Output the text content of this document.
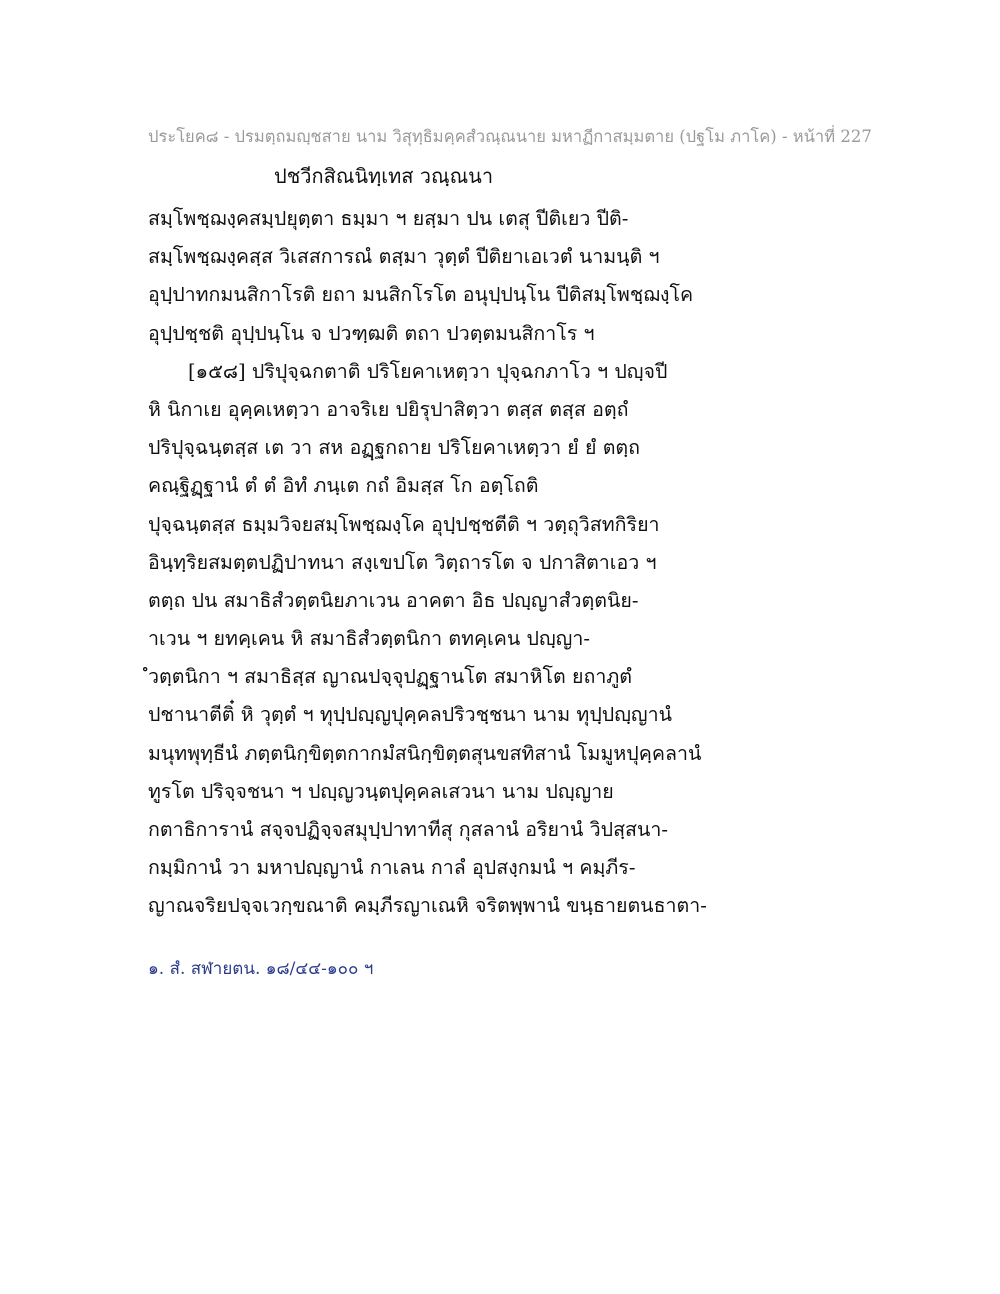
ประโยค๘ - ปรมตฺถมญฺชสาย นาม วิสุทฺธิมคฺคสํวณฺณนาย มหาฏีกาสมฺมตาย (ปฐโม ภาโค) - หน้าที่ 227
ปชวีกสิณนิทฺเทส วณฺณนา
สมฺโพชฺฌงฺคสมฺปยุตฺตา ธมฺมา ฯ ยสฺมา ปน เตสุ ปีติเยว ปีติ-
สมฺโพชฺฌงฺคสฺส วิเสสการณํ ตสฺมา วุตฺตํ ปีติยาเอเวตํ นามนฺติ ฯ
อุปฺปาทกมนสิกาโรติ ยถา มนสิกโรโต อนุปฺปนฺโน ปีติสมฺโพชฺฌงฺโค
อุปฺปชฺชติ อุปฺปนฺโน จ ปวฑฺฒติ ตถา ปวตฺตมนสิกาโร ฯ
[๑๕๘] ปริปุจฺฉกตาติ ปริโยคาเหตฺวา ปุจฺฉกภาโว ฯ ปญฺจปี
หิ นิกาเย อุคฺคเหตฺวา อาจริเย ปยิรุปาสิตฺวา ตสฺส ตสฺส อตฺถํ
ปริปุจฺฉนฺตสฺส เต วา สห อฏฺฐกถาย ปริโยคาเหตฺวา ยํ ยํ ตตฺถ
คณฺฐิฏฺฐานํ ตํ ตํ อิทํ ภนฺเต กถํ อิมสฺส โก อตฺโถติ
ปุจฺฉนฺตสฺส ธมฺมวิจยสมฺโพชฺฌงฺโค อุปฺปชฺชตีติ ฯ วตฺถุวิสทกิริยา
อินฺทฺริยสมตฺตปฏิปาทนา สงฺเขปโต วิตฺถารโต จ ปกาสิตาเอว ฯ
ตตฺถ ปน สมาธิสํวตฺตนิยภาเวน อาคตา อิธ ปญฺญาสํวตฺตนิย-
าเวน ฯ ยทคฺเคน หิ สมาธิสํวตฺตนิกา ตทคฺเคน ปญฺญา-
ํวตฺตนิกา ฯ สมาธิสฺส ญาณปจฺจุปฏฺฐานโต สมาหิโต ยถาภูตํ
ปชานาตีติ๋ หิ วุตฺตํ ฯ ทุปฺปญฺญปุคฺคลปริวชฺชนา นาม ทุปฺปญฺญานํ
มนุทพุทฺธีนํ ภตฺตนิกฺขิตฺตกากมํสนิกฺขิตฺตสุนขสทิสานํ โมมูหปุคฺคลานํ
ทูรโต ปริจฺจชนา ฯ ปญฺญวนฺตปุคฺคลเสวนา นาม ปญฺญาย
กตาธิการานํ สจฺจปฏิจฺจสมุปฺปาทาทีสุ กุสลานํ อริยานํ วิปสฺสนา-
กมฺมิกานํ วา มหาปญฺญานํ กาเลน กาลํ อุปสงฺกมนํ ฯ คมฺภีร-
ญาณจริยปจฺจเวกฺขณาติ คมฺภีรญาเณหิ จริตพฺพานํ ขนฺธายตนธาตา-
๑. สํ. สฬายตน. ๑๘/๔๔-๑๐๐ ฯ
